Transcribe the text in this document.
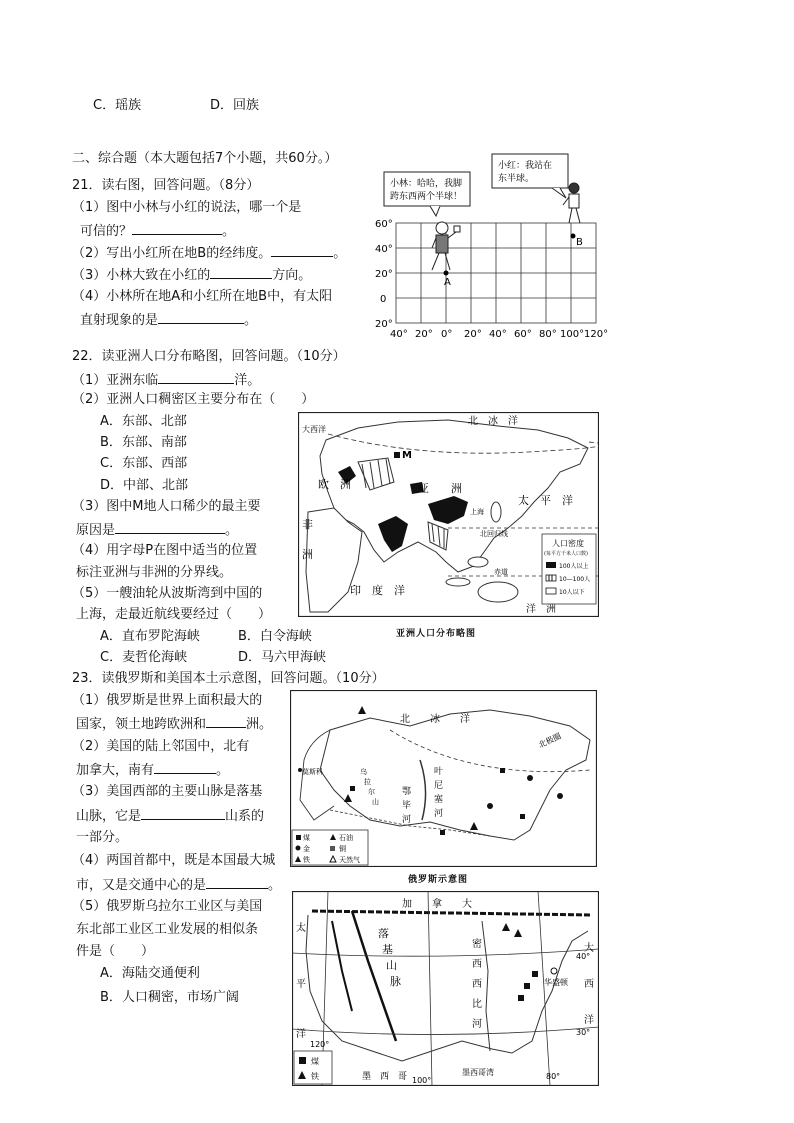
C．瑶族	D．回族
二、综合题（本大题包括7个小题，共60分。）
21．读右图，回答问题。（8分）
（1）图中小林与小红的说法，哪一个是
可信的？	。
（2）写出小红所在地B的经纬度。	。
（3）小林大致在小红的	方向。
（4）小林所在地A和小红所在地B中，有太阳
直射现象的是	。
小林：哈哈，我脚
跨东西两个半球！
小红：我站在
东半球。
60°
40°
20°
0
20°
40° 20° 0° 20° 40° 60° 80° 100° 120°
A
B
22．读亚洲人口分布略图，回答问题。（10分）
（1）亚洲东临	洋。
（2）亚洲人口稠密区主要分布在（　　）
A．东部、北部
B．东部、南部
C．东部、西部
D．中部、北部
（3）图中M地人口稀少的最主要
原因是	。
（4）用字母P在图中适当的位置
标注亚洲与非洲的分界线。
（5）一艘油轮从波斯湾到中国的
上海，走最近航线要经过（　　）
A．直布罗陀海峡	B．白令海峡
C．麦哲伦海峡	D．马六甲海峡
北　冰　洋
大西洋
欧　洲	亚　　洲
太　平　洋
非
洲
印　度　洋
洋　洲
M
北回归线
赤道
上海
人口密度
(每平方千米人口数)
100人以上
10—100人
10人以下
亚洲人口分布略图
23．读俄罗斯和美国本土示意图，回答问题。（10分）
（1）俄罗斯是世界上面积最大的
国家，领土地跨欧洲和	洲。
（2）美国的陆上邻国中，北有
加拿大，南有	。
（3）美国西部的主要山脉是落基
山脉，它是	山系的
一部分。
（4）两国首都中，既是本国最大城
市，又是交通中心的是	。
（5）俄罗斯乌拉尔工业区与美国
东北部工业区工业发展的相似条
件是（　　）
A．海陆交通便利
B．人口稠密，市场广阔
北　　冰　　洋
莫斯科	乌
拉
尔
山
鄂
毕
河
叶
尼
塞
河
北极圈
煤	石油
金	铜
铁	天然气
俄罗斯示意图
加　　拿　　大
落
基
山
脉
密
西
西
比
河
太
平
洋
大
西
洋
华盛顿
墨　西　哥	墨西哥湾
40°
30°
120°
100°	80°
煤
铁
